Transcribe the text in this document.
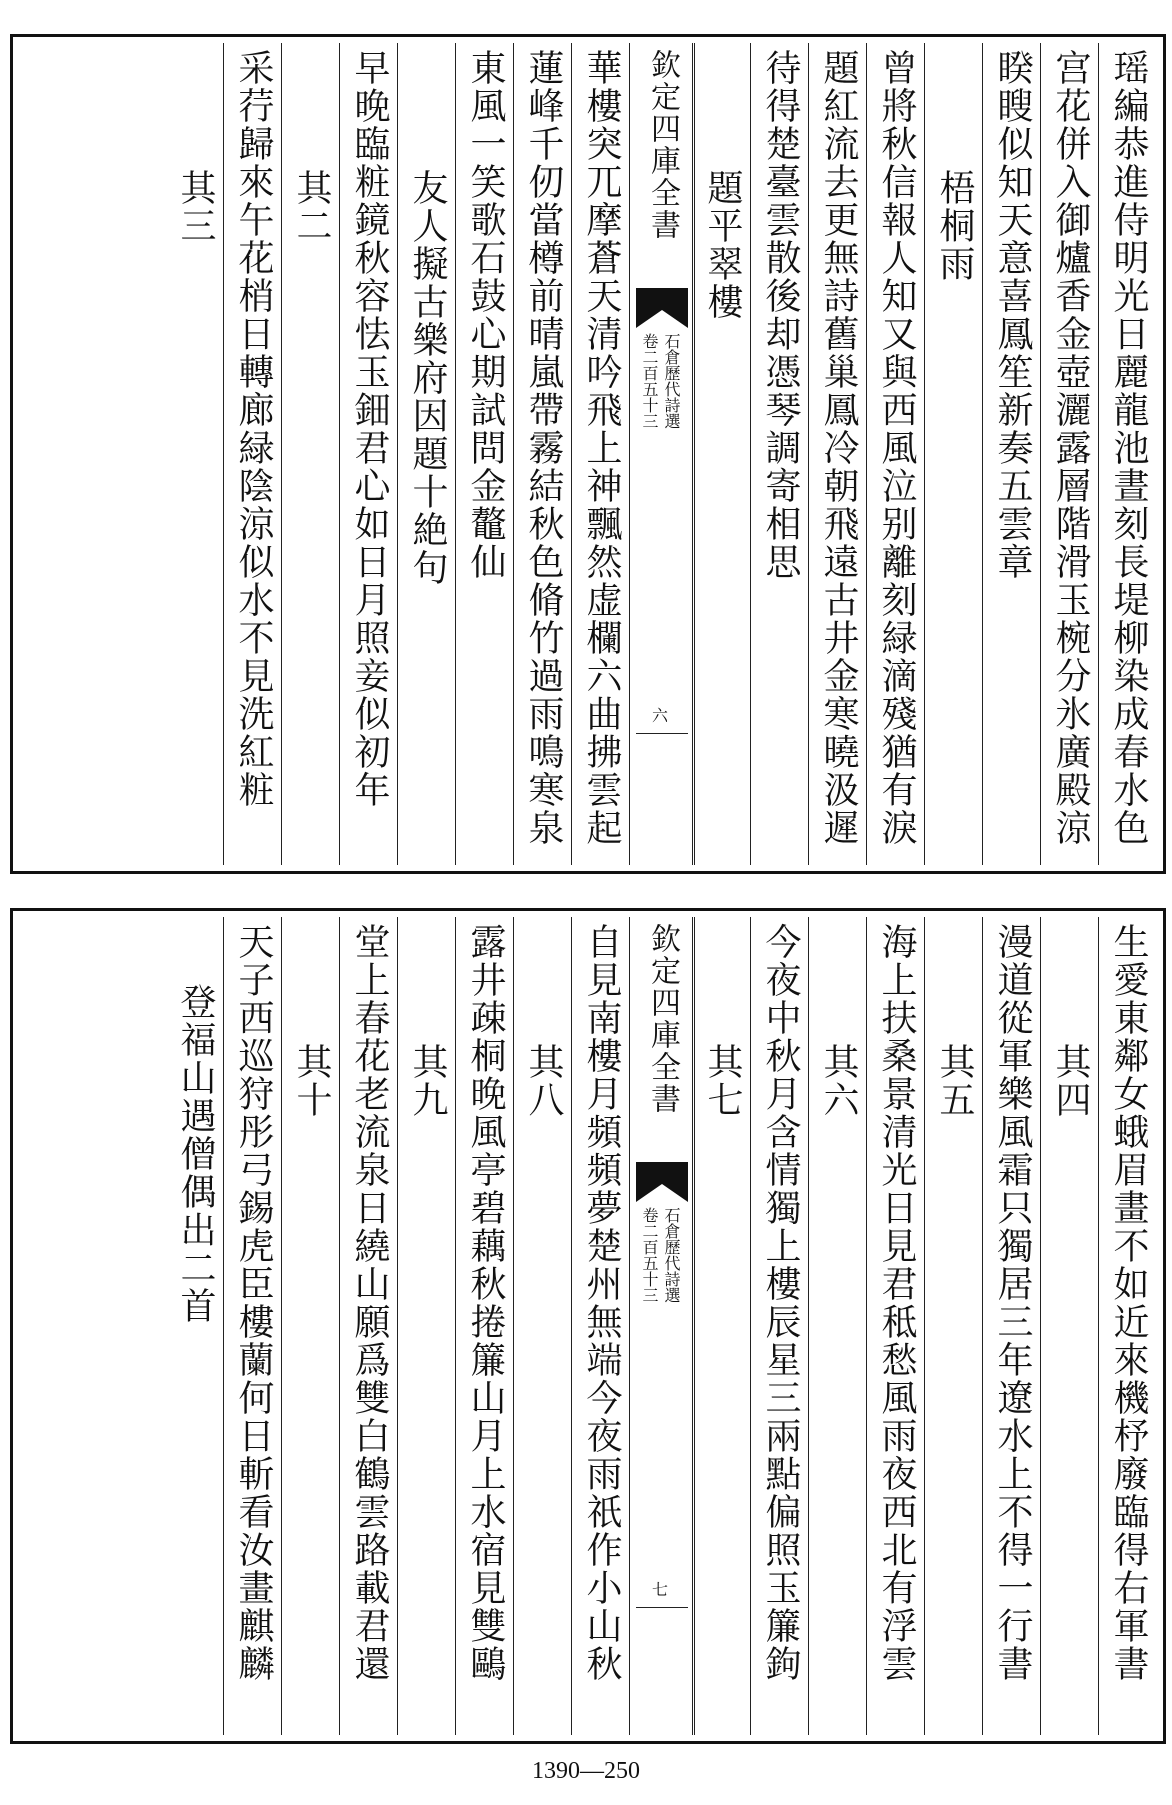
瑶編恭進侍明光日麗龍池晝刻長堤柳染成春水色
宫花併入御爐香金壺灑露層階滑玉椀分氷廣殿涼
睽瞍似知天意喜鳳笙新奏五雲章
梧桐雨
曾將秋信報人知又與西風泣别離刻緑滴殘猶有淚
題紅流去更無詩舊巢鳳冷朝飛遠古井金寒曉汲遲
待得楚臺雲散後却憑琴調寄相思
題平翠樓
欽定四庫全書
石倉歷代詩選
卷二百五十三
六
華樓突兀摩蒼天清吟飛上神飄然虚欄六曲拂雲起
蓮峰千仞當樽前晴嵐帶霧結秋色脩竹過雨鳴寒泉
東風一笑歌石鼓心期試問金鼇仙
友人擬古樂府因題十絶句
早晚臨粧鏡秋容怯玉鈿君心如日月照妾似初年
其二
采荇歸來午花梢日轉廊緑陰涼似水不見洗紅粧
其三
生愛東鄰女蛾眉畫不如近來機杼廢臨得右軍書
其四
漫道從軍樂風霜只獨居三年遼水上不得一行書
其五
海上扶桑景清光日見君秪愁風雨夜西北有浮雲
其六
今夜中秋月含情獨上樓辰星三兩點偏照玉簾鉤
其七
欽定四庫全書
石倉歷代詩選
卷二百五十三
七
自見南樓月頻頻夢楚州無端今夜雨祇作小山秋
其八
露井疎桐晚風亭碧藕秋捲簾山月上水宿見雙鷗
其九
堂上春花老流泉日繞山願爲雙白鶴雲路載君還
其十
天子西巡狩彤弓錫虎臣樓蘭何日斬看汝畫麒麟
登福山遇僧偶出二首
1390—250
